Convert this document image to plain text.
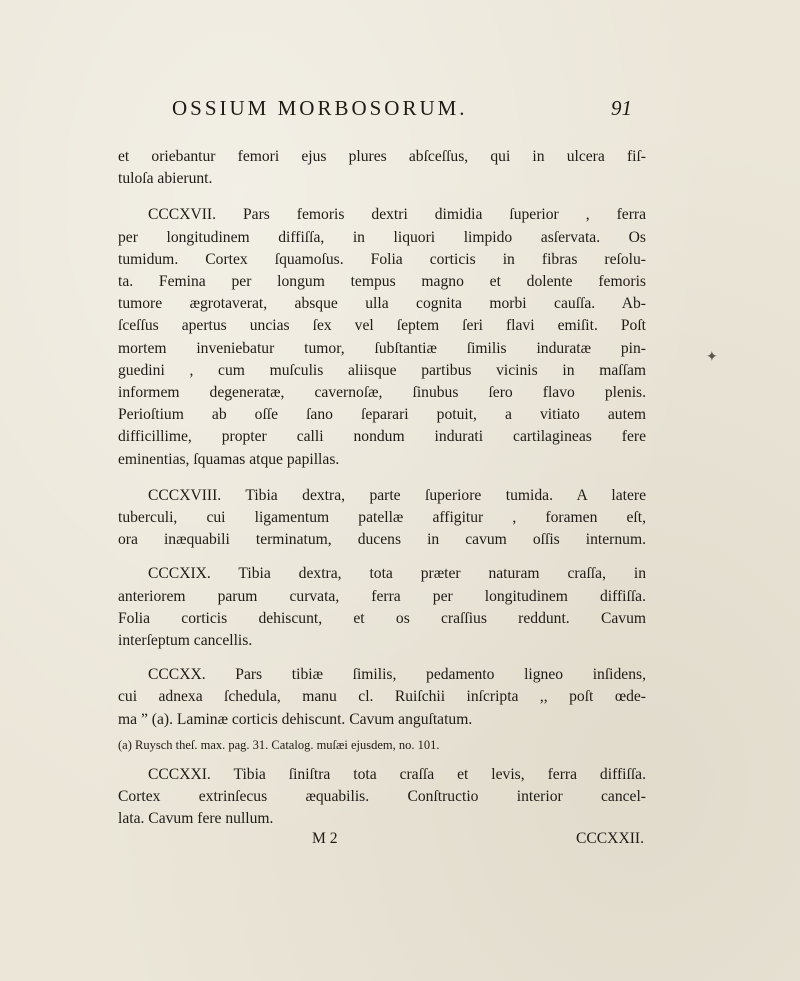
OSSIUM MORBOSORUM.	91

et oriebantur femori ejus plures abſceſſus, qui in ulcera fiſ-
tuloſa abierunt.

CCCXVII. Pars femoris dextri dimidia ſuperior , ferra
per longitudinem diffiſſa, in liquori limpido asſervata. Os
tumidum. Cortex ſquamoſus. Folia corticis in fibras reſolu-
ta. Femina per longum tempus magno et dolente femoris
tumore ægrotaverat, absque ulla cognita morbi cauſſa. Ab-
ſceſſus apertus uncias ſex vel ſeptem ſeri flavi emiſit. Poſt
mortem inveniebatur tumor, ſubſtantiæ ſimilis induratæ pin-
guedini , cum muſculis aliisque partibus vicinis in maſſam
informem degeneratæ, cavernoſæ, ſinubus ſero flavo plenis.
Perioſtium ab oſſe ſano ſeparari potuit, a vitiato autem
difficillime, propter calli nondum indurati cartilagineas fere
eminentias, ſquamas atque papillas.

CCCXVIII. Tibia dextra, parte ſuperiore tumida. A latere
tuberculi, cui ligamentum patellæ affigitur , foramen eſt,
ora inæquabili terminatum, ducens in cavum oſſis internum.

CCCXIX. Tibia dextra, tota præter naturam craſſa, in
anteriorem parum curvata, ferra per longitudinem diffiſſa.
Folia corticis dehiscunt, et os craſſius reddunt. Cavum
interſeptum cancellis.

CCCXX. Pars tibiæ ſimilis, pedamento ligneo inſidens,
cui adnexa ſchedula, manu cl. Ruiſchii inſcripta ,, poſt œde-
ma ” (a). Laminæ corticis dehiscunt. Cavum anguſtatum.

(a) Ruysch theſ. max. pag. 31. Catalog. muſæi ejusdem, no. 101.

CCCXXI. Tibia ſiniſtra tota craſſa et levis, ferra diffiſſa.
Cortex extrinſecus æquabilis. Conſtructio interior cancel-
lata. Cavum fere nullum.

M 2	CCCXXII.
✦
